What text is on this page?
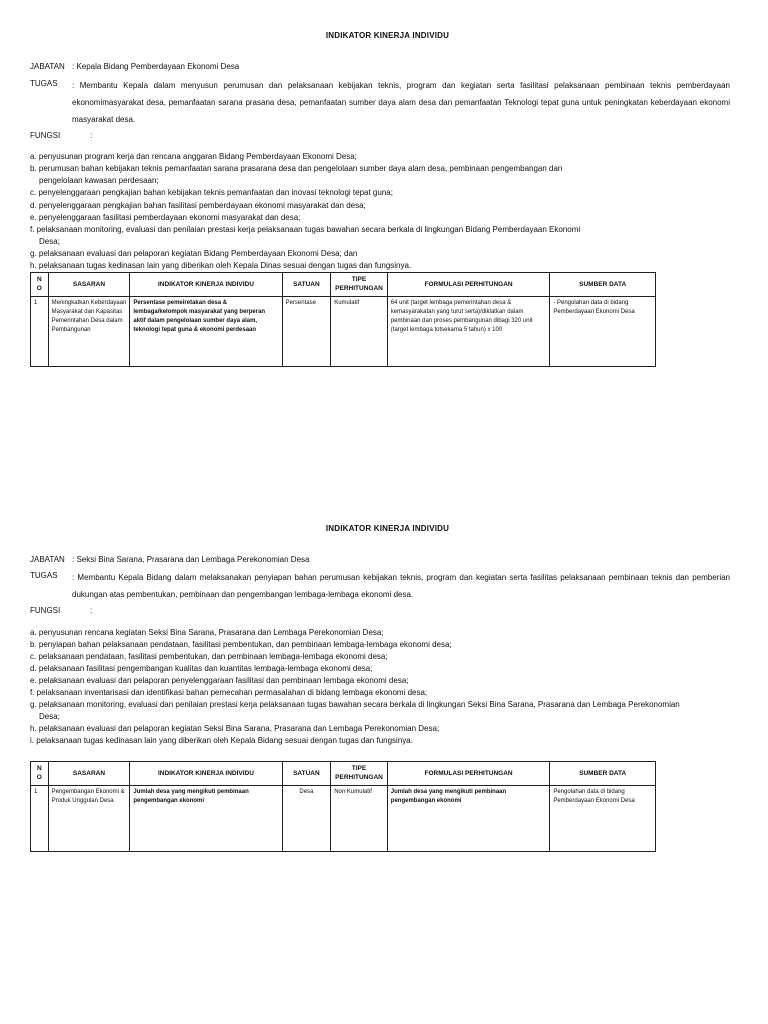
INDIKATOR KINERJA INDIVIDU
JABATAN : Kepala Bidang Pemberdayaan Ekonomi Desa
TUGAS	: Membantu Kepala dalam menyusun perumusan dan pelaksanaan kebijakan teknis, program dan kegiatan serta fasilitasi pelaksanaan pembinaan teknis pemberdayaan ekonomimasyarakat desa, pemanfaatan sarana prasana desa, pemanfaatan sumber daya alam desa dan pemanfaatan Teknologi tepat guna untuk peningkatan keberdayaan ekonomi masyarakat desa.
FUNGSI	:
a. penyusunan program kerja dan rencana anggaran Bidang Pemberdayaan Ekonomi Desa;
b. perumusan bahan kebijakan teknis pemanfaatan sarana prasarana desa dan pengelolaan sumber daya alam desa, pembinaan pengembangan dan
pengelolaan kawasan perdesaan;
c. penyelenggaraan pengkajian bahan kebijakan teknis pemanfaatan dan inovasi teknologi tepat guna;
d. penyelenggaraan pengkajian bahan fasilitasi pemberdayaan ekonomi masyarakat dan desa;
e. penyelenggaraan fasilitasi pemberdayaan ekonomi masyarakat dan desa;
f. pelaksanaan monitoring, evaluasi dan penilaian prestasi kerja pelaksanaan tugas bawahan secara berkala di lingkungan Bidang Pemberdayaan Ekonomi
Desa;
g. pelaksanaan evaluasi dan pelaporan kegiatan Bidang Pemberdayaan Ekonomi Desa; dan
h. pelaksanaan tugas kedinasan lain yang diberikan oleh Kepala Dinas sesuai dengan tugas dan fungsinya.
N O	SASARAN	INDIKATOR KINERJA INDIVIDU	SATUAN	TIPE PERHITUNGAN	FORMULASI PERHITUNGAN	SUMBER DATA
1	Meningkatkan Keberdayaan Masyarakat dan Kapasitas Pemerintahan Desa dalam Pembangunan	Persentase pemeiretakan desa & lembaga/kelompok masyarakat yang berperan aktif dalam pengelolaan sumber daya alam, teknologi tepat guna & ekonomi perdesaan	Persentase	Kumulatif	64 unit (target lembaga pemerintahan desa & kemasyarakatan yang turut serta)/diklatkan dalam pembinaan dan proses pembangunan dibagi 320 unit (target lembaga totsekama 5 tahun) x 100	- Pengolahan data di bidang Pemberdayaan Ekonomi Desa
INDIKATOR KINERJA INDIVIDU
JABATAN : Seksi Bina Sarana, Prasarana dan Lembaga Perekonomian Desa
TUGAS	: Membantu Kepala Bidang dalam melaksanakan penyiapan bahan perumusan kebijakan teknis, program dan kegiatan serta fasilitas pelaksanaan pembinaan teknis dan pemberian dukungan atas pembentukan, pembinaan dan pengembangan lembaga-lembaga ekonomi desa.
FUNGSI	:
a. penyusunan rencana kegiatan Seksi Bina Sarana, Prasarana dan Lembaga Perekonomian Desa;
b. penyiapan bahan pelaksanaan pendataan, fasilitasi pembentukan, dan pembinaan lembaga-lembaga ekonomi desa;
c. pelaksanaan pendataan, fasilitasi pembentukan, dan pembinaan lembaga-lembaga ekonomi desa;
d. pelaksanaan fasilitasi pengembangan kualitas dan kuantitas lembaga-lembaga ekonomi desa;
e. pelaksanaan evaluasi dan pelaporan penyelenggaraan fasilitasi dan pembinaan lembaga ekonomi desa;
f. pelaksanaan inventarisasi dan identifikasi bahan pemecahan permasalahan di bidang lembaga ekonomi desa;
g. pelaksanaan monitoring, evaluasi dan penilaian prestasi kerja pelaksanaan tugas bawahan secara berkala di lingkungan Seksi Bina Sarana, Prasarana dan Lembaga Perekonomian
Desa;
h. pelaksanaan evaluasi dan pelaporan kegiatan Seksi Bina Sarana, Prasarana dan Lembaga Perekonomian Desa;
i. pelaksanaan tugas kedinasan lain yang diberikan oleh Kepala Bidang sesuai dengan tugas dan fungsinya.
N O	SASARAN	INDIKATOR KINERJA INDIVIDU	SATUAN	TIPE PERHITUNGAN	FORMULASI PERHITUNGAN	SUMBER DATA
1	Pengembangan Ekonomi & Produk Unggulan Desa	Jumlah desa yang mengikuti pembinaan pengembangan ekonomi	Desa	Non Kumulatif	Jumlah desa yang mengikuti pembinaan pengembangan ekonomi	Pengolahan data di bidang Pemberdayaan Ekonomi Desa
